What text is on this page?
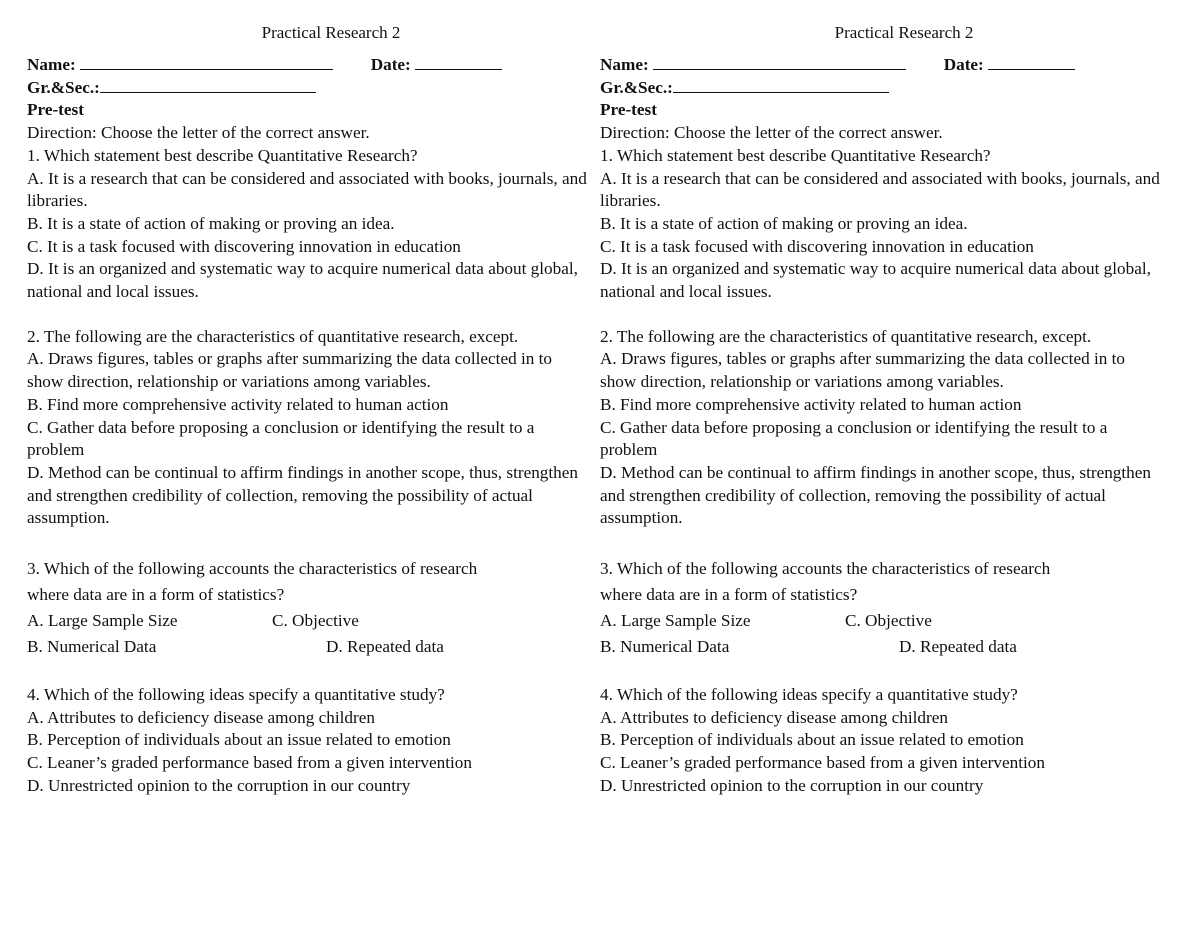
Practical Research 2
Name:	Date:
Gr.&Sec.:
Pre-test
Direction: Choose the letter of the correct answer.
1. Which statement best describe Quantitative Research?
A. It is a research that can be considered and associated with books, journals, and libraries.
B. It is a state of action of making or proving an idea.
C. It is a task focused with discovering innovation in education
D. It is an organized and systematic way to acquire numerical data about global, national and local issues.
2. The following are the characteristics of quantitative research, except.
A. Draws figures, tables or graphs after summarizing the data collected in to show direction, relationship or variations among variables.
B. Find more comprehensive activity related to human action
C. Gather data before proposing a conclusion or identifying the result to a problem
D. Method can be continual to affirm findings in another scope, thus, strengthen and strengthen credibility of collection, removing the possibility of actual assumption.
3. Which of the following accounts the characteristics of research
where data are in a form of statistics?
A. Large Sample Size	C. Objective
B. Numerical Data	D. Repeated data
4. Which of the following ideas specify a quantitative study?
A. Attributes to deficiency disease among children
B. Perception of individuals about an issue related to emotion
C. Leaner’s graded performance based from a given intervention
D. Unrestricted opinion to the corruption in our country
Practical Research 2
Name:	Date:
Gr.&Sec.:
Pre-test
Direction: Choose the letter of the correct answer.
1. Which statement best describe Quantitative Research?
A. It is a research that can be considered and associated with books, journals, and libraries.
B. It is a state of action of making or proving an idea.
C. It is a task focused with discovering innovation in education
D. It is an organized and systematic way to acquire numerical data about global, national and local issues.
2. The following are the characteristics of quantitative research, except.
A. Draws figures, tables or graphs after summarizing the data collected in to show direction, relationship or variations among variables.
B. Find more comprehensive activity related to human action
C. Gather data before proposing a conclusion or identifying the result to a problem
D. Method can be continual to affirm findings in another scope, thus, strengthen and strengthen credibility of collection, removing the possibility of actual assumption.
3. Which of the following accounts the characteristics of research
where data are in a form of statistics?
A. Large Sample Size	C. Objective
B. Numerical Data	D. Repeated data
4. Which of the following ideas specify a quantitative study?
A. Attributes to deficiency disease among children
B. Perception of individuals about an issue related to emotion
C. Leaner’s graded performance based from a given intervention
D. Unrestricted opinion to the corruption in our country
